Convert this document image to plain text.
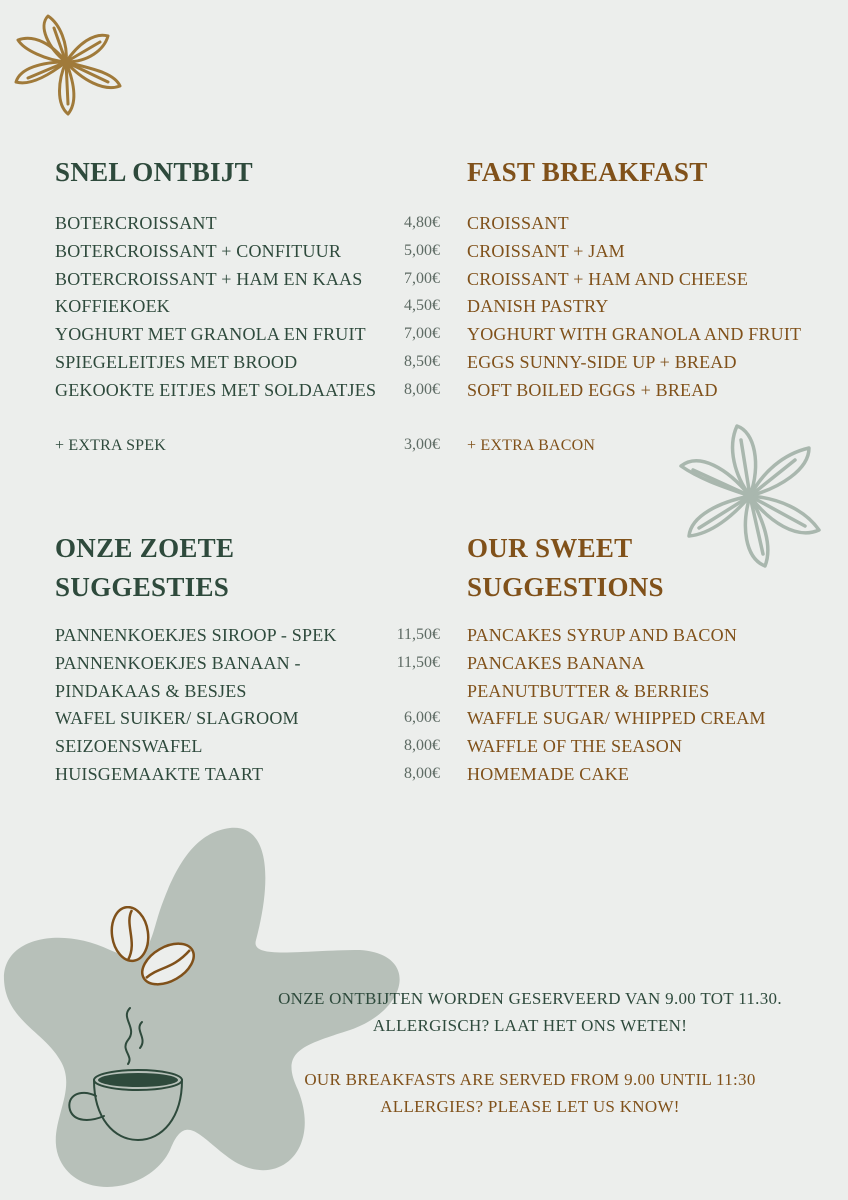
SNEL ONTBIJT	FAST BREAKFAST
BOTERCROISSANT
BOTERCROISSANT + CONFITUUR
BOTERCROISSANT + HAM EN KAAS
KOFFIEKOEK
YOGHURT MET GRANOLA EN FRUIT
SPIEGELEITJES MET BROOD
GEKOOKTE EITJES MET SOLDAATJES
4,80€
5,00€
7,00€
4,50€
7,00€
8,50€
8,00€
CROISSANT
CROISSANT + JAM
CROISSANT + HAM AND CHEESE
DANISH PASTRY
YOGHURT WITH GRANOLA AND FRUIT
EGGS SUNNY-SIDE UP + BREAD
SOFT BOILED EGGS + BREAD
+ EXTRA SPEK	3,00€ + EXTRA BACON
ONZE ZOETE
SUGGESTIES
OUR SWEET
SUGGESTIONS
PANNENKOEKJES SIROOP - SPEK
PANNENKOEKJES BANAAN -
PINDAKAAS & BESJES
WAFEL SUIKER/ SLAGROOM
SEIZOENSWAFEL
HUISGEMAAKTE TAART
11,50€
11,50€
6,00€
8,00€
8,00€
PANCAKES SYRUP AND BACON
PANCAKES BANANA
PEANUTBUTTER & BERRIES
WAFFLE SUGAR/ WHIPPED CREAM
WAFFLE OF THE SEASON
HOMEMADE CAKE
ONZE ONTBIJTEN WORDEN GESERVEERD VAN 9.00 TOT 11.30.
ALLERGISCH? LAAT HET ONS WETEN!
OUR BREAKFASTS ARE SERVED FROM 9.00 UNTIL 11:30
ALLERGIES? PLEASE LET US KNOW!
